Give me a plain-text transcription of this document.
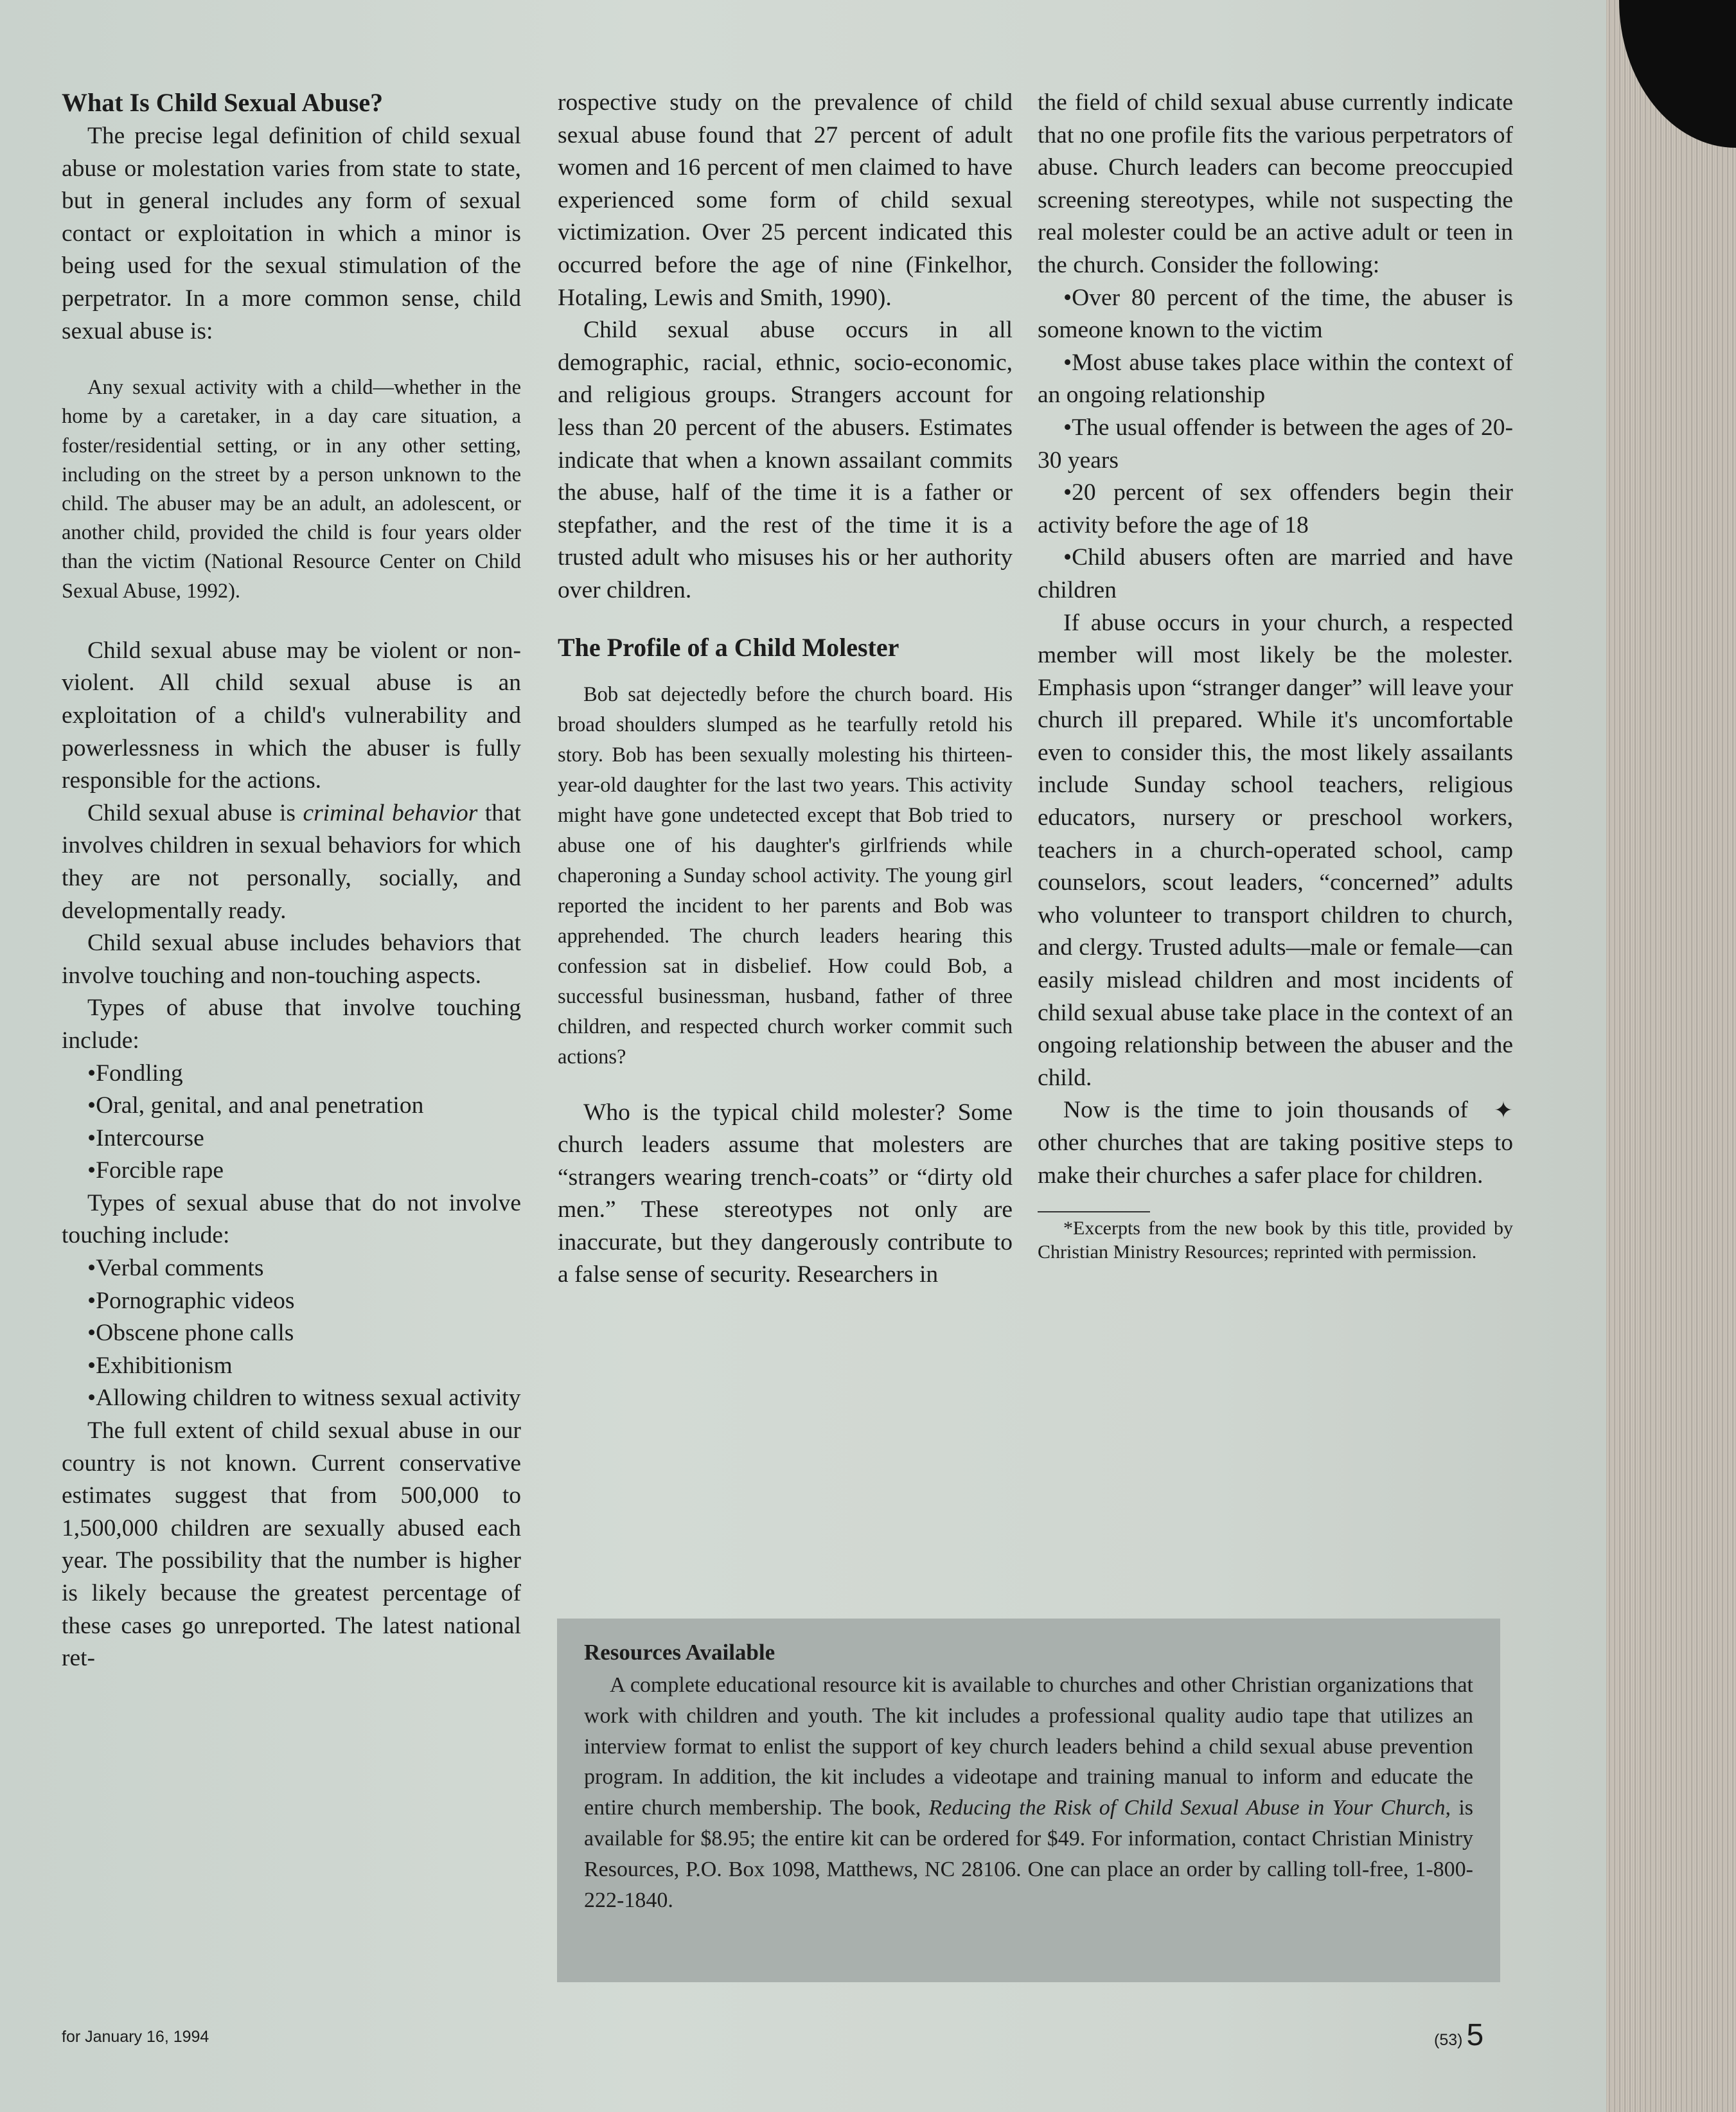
What Is Child Sexual Abuse?

The precise legal definition of child sexual abuse or molestation varies from state to state, but in general includes any form of sexual contact or exploitation in which a minor is being used for the sexual stimulation of the perpetrator. In a more common sense, child sexual abuse is:

Any sexual activity with a child—whether in the home by a caretaker, in a day care situation, a foster/residential setting, or in any other setting, including on the street by a person unknown to the child. The abuser may be an adult, an adolescent, or another child, provided the child is four years older than the victim (National Resource Center on Child Sexual Abuse, 1992).

Child sexual abuse may be violent or non-violent. All child sexual abuse is an exploitation of a child's vulnerability and powerlessness in which the abuser is fully responsible for the actions.

Child sexual abuse is criminal behavior that involves children in sexual behaviors for which they are not personally, socially, and developmentally ready.

Child sexual abuse includes behaviors that involve touching and non-touching aspects.

Types of abuse that involve touching include:

•Fondling

•Oral, genital, and anal penetration

•Intercourse

•Forcible rape

Types of sexual abuse that do not involve touching include:

•Verbal comments

•Pornographic videos

•Obscene phone calls

•Exhibitionism

•Allowing children to witness sexual activity

The full extent of child sexual abuse in our country is not known. Current conservative estimates suggest that from 500,000 to 1,500,000 children are sexually abused each year. The possibility that the number is higher is likely because the greatest percentage of these cases go unreported. The latest national ret-

rospective study on the prevalence of child sexual abuse found that 27 percent of adult women and 16 percent of men claimed to have experienced some form of child sexual victimization. Over 25 percent indicated this occurred before the age of nine (Finkelhor, Hotaling, Lewis and Smith, 1990).

Child sexual abuse occurs in all demographic, racial, ethnic, socio-economic, and religious groups. Strangers account for less than 20 percent of the abusers. Estimates indicate that when a known assailant commits the abuse, half of the time it is a father or stepfather, and the rest of the time it is a trusted adult who misuses his or her authority over children.

The Profile of a Child Molester

Bob sat dejectedly before the church board. His broad shoulders slumped as he tearfully retold his story. Bob has been sexually molesting his thirteen-year-old daughter for the last two years. This activity might have gone undetected except that Bob tried to abuse one of his daughter's girlfriends while chaperoning a Sunday school activity. The young girl reported the incident to her parents and Bob was apprehended. The church leaders hearing this confession sat in disbelief. How could Bob, a successful businessman, husband, father of three children, and respected church worker commit such actions?

Who is the typical child molester? Some church leaders assume that molesters are “strangers wearing trench-coats” or “dirty old men.” These stereotypes not only are inaccurate, but they dangerously contribute to a false sense of security. Researchers in

the field of child sexual abuse currently indicate that no one profile fits the various perpetrators of abuse. Church leaders can become preoccupied screening stereotypes, while not suspecting the real molester could be an active adult or teen in the church. Consider the following:

•Over 80 percent of the time, the abuser is someone known to the victim

•Most abuse takes place within the context of an ongoing relationship

•The usual offender is between the ages of 20-30 years

•20 percent of sex offenders begin their activity before the age of 18

•Child abusers often are married and have children

If abuse occurs in your church, a respected member will most likely be the molester. Emphasis upon “stranger danger” will leave your church ill prepared. While it's uncomfortable even to consider this, the most likely assailants include Sunday school teachers, religious educators, nursery or preschool workers, teachers in a church-operated school, camp counselors, scout leaders, “concerned” adults who volunteer to transport children to church, and clergy. Trusted adults—male or female—can easily mislead children and most incidents of child sexual abuse take place in the context of an ongoing relationship between the abuser and the child.

✦
Now is the time to join thousands of other churches that are taking positive steps to make their churches a safer place for children.

*Excerpts from the new book by this title, provided by Christian Ministry Resources; reprinted with permission.

Resources Available

A complete educational resource kit is available to churches and other Christian organizations that work with children and youth. The kit includes a professional quality audio tape that utilizes an interview format to enlist the support of key church leaders behind a child sexual abuse prevention program. In addition, the kit includes a videotape and training manual to inform and educate the entire church membership. The book, Reducing the Risk of Child Sexual Abuse in Your Church, is available for $8.95; the entire kit can be ordered for $49. For information, contact Christian Ministry Resources, P.O. Box 1098, Matthews, NC 28106. One can place an order by calling toll-free, 1-800-222-1840.

for January 16, 1994	(53) 5
